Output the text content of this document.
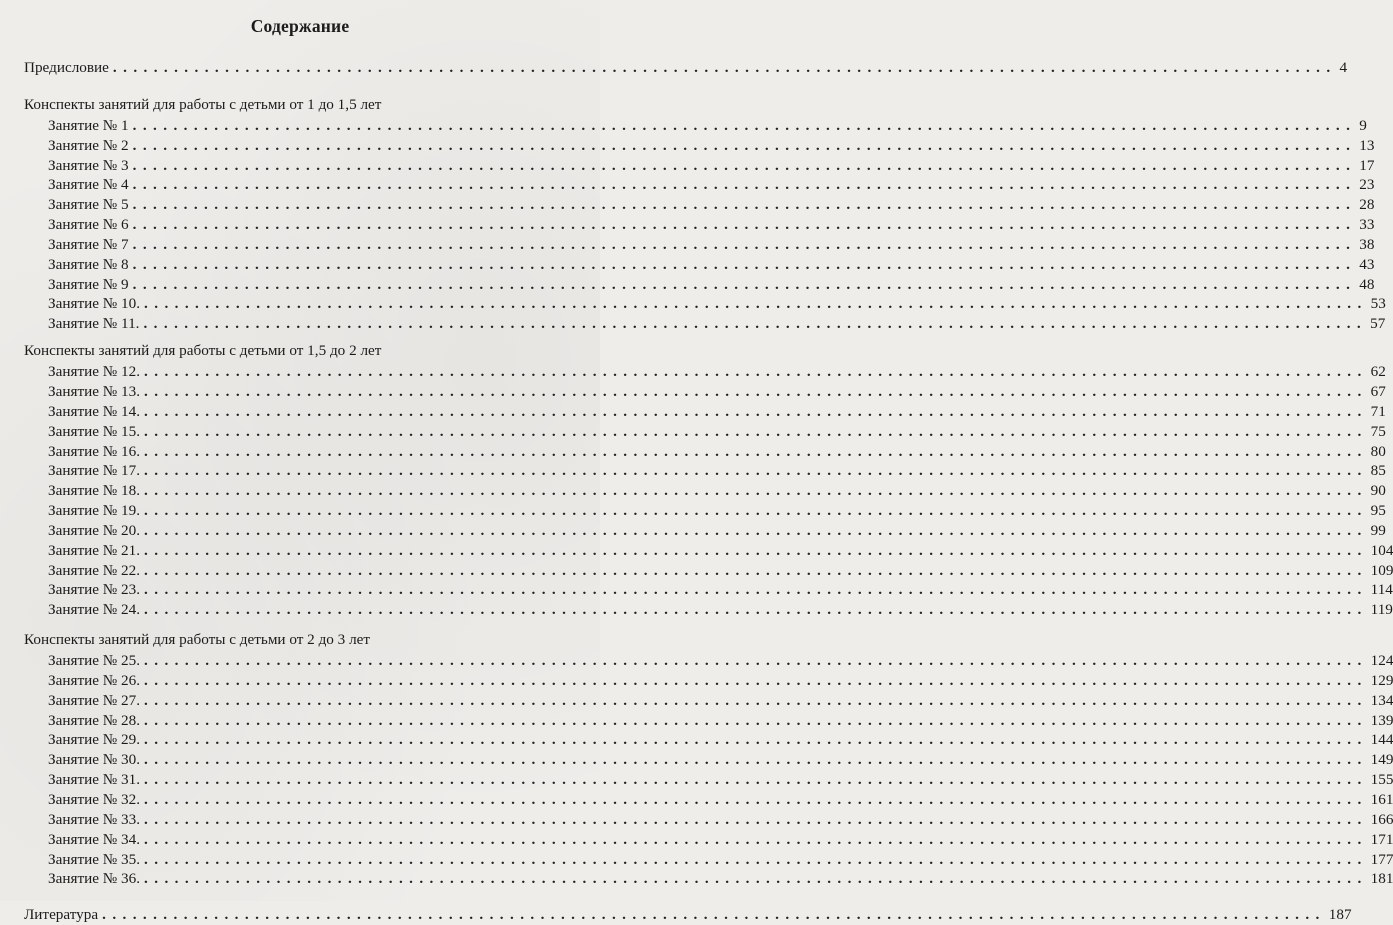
Содержание
Предисловие ........................................................................................................................ 4
Конспекты занятий для работы с детьми от 1 до 1,5 лет
Занятие № 1 ........................................................................................................................ 9
Занятие № 2 ........................................................................................................................ 13
Занятие № 3 ........................................................................................................................ 17
Занятие № 4 ........................................................................................................................ 23
Занятие № 5 ........................................................................................................................ 28
Занятие № 6 ........................................................................................................................ 33
Занятие № 7 ........................................................................................................................ 38
Занятие № 8 ........................................................................................................................ 43
Занятие № 9 ........................................................................................................................ 48
Занятие № 10. ........................................................................................................................ 53
Занятие № 11. ........................................................................................................................ 57
Конспекты занятий для работы с детьми от 1,5 до 2 лет
Занятие № 12. ........................................................................................................................ 62
Занятие № 13. ........................................................................................................................ 67
Занятие № 14. ........................................................................................................................ 71
Занятие № 15. ........................................................................................................................ 75
Занятие № 16. ........................................................................................................................ 80
Занятие № 17. ........................................................................................................................ 85
Занятие № 18. ........................................................................................................................ 90
Занятие № 19. ........................................................................................................................ 95
Занятие № 20. ........................................................................................................................ 99
Занятие № 21. ........................................................................................................................ 104
Занятие № 22. ........................................................................................................................ 109
Занятие № 23. ........................................................................................................................ 114
Занятие № 24. ........................................................................................................................ 119
Конспекты занятий для работы с детьми от 2 до 3 лет
Занятие № 25. ........................................................................................................................ 124
Занятие № 26. ........................................................................................................................ 129
Занятие № 27. ........................................................................................................................ 134
Занятие № 28. ........................................................................................................................ 139
Занятие № 29. ........................................................................................................................ 144
Занятие № 30. ........................................................................................................................ 149
Занятие № 31. ........................................................................................................................ 155
Занятие № 32. ........................................................................................................................ 161
Занятие № 33. ........................................................................................................................ 166
Занятие № 34. ........................................................................................................................ 171
Занятие № 35. ........................................................................................................................ 177
Занятие № 36. ........................................................................................................................ 181
Литература ........................................................................................................................ 187
